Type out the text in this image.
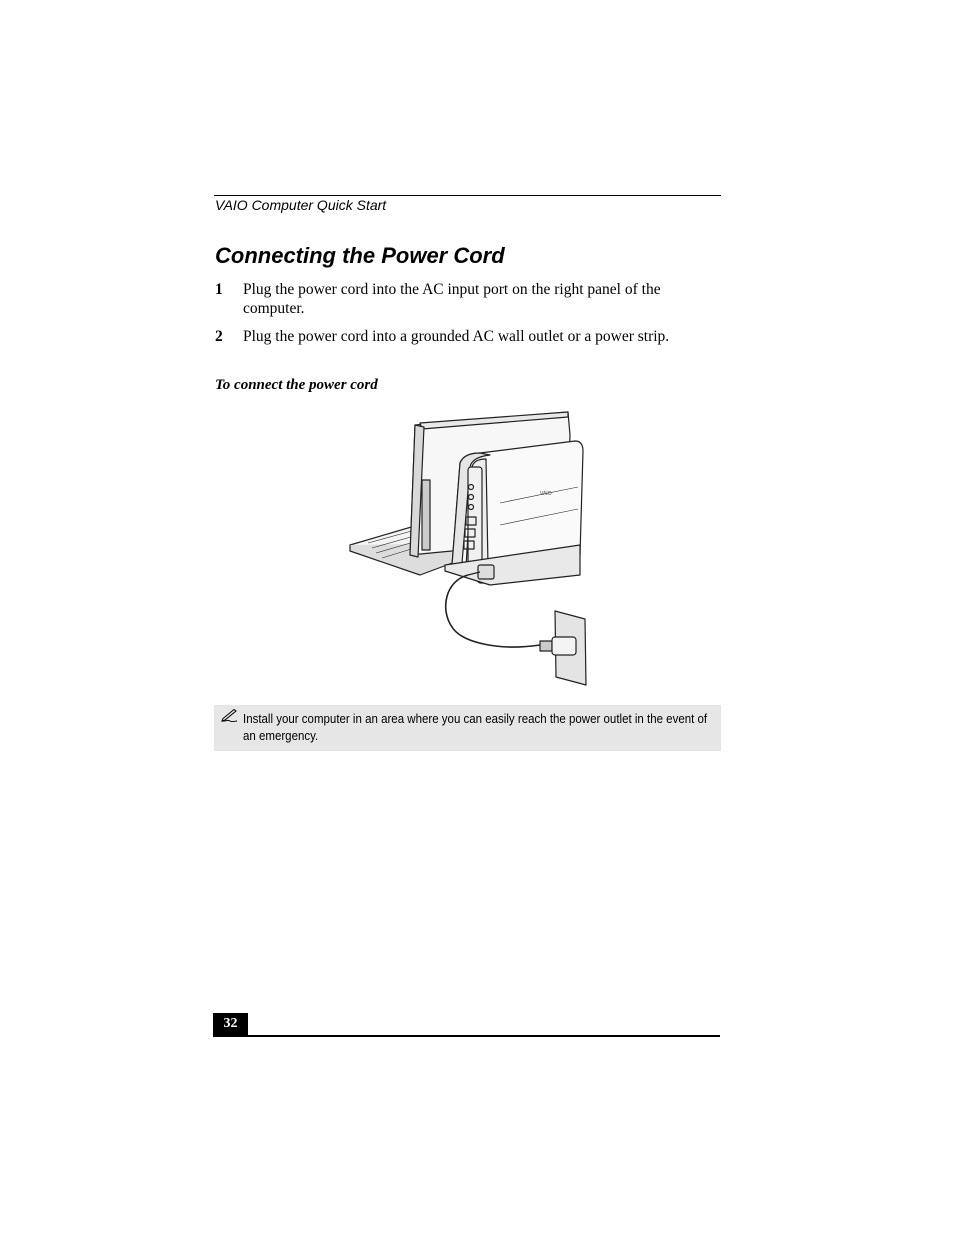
VAIO Computer Quick Start
Connecting the Power Cord
1	Plug the power cord into the AC input port on the right panel of the computer.
2	Plug the power cord into a grounded AC wall outlet or a power strip.
To connect the power cord
VAIO
Install your computer in an area where you can easily reach the power outlet in the event of an emergency.
32
